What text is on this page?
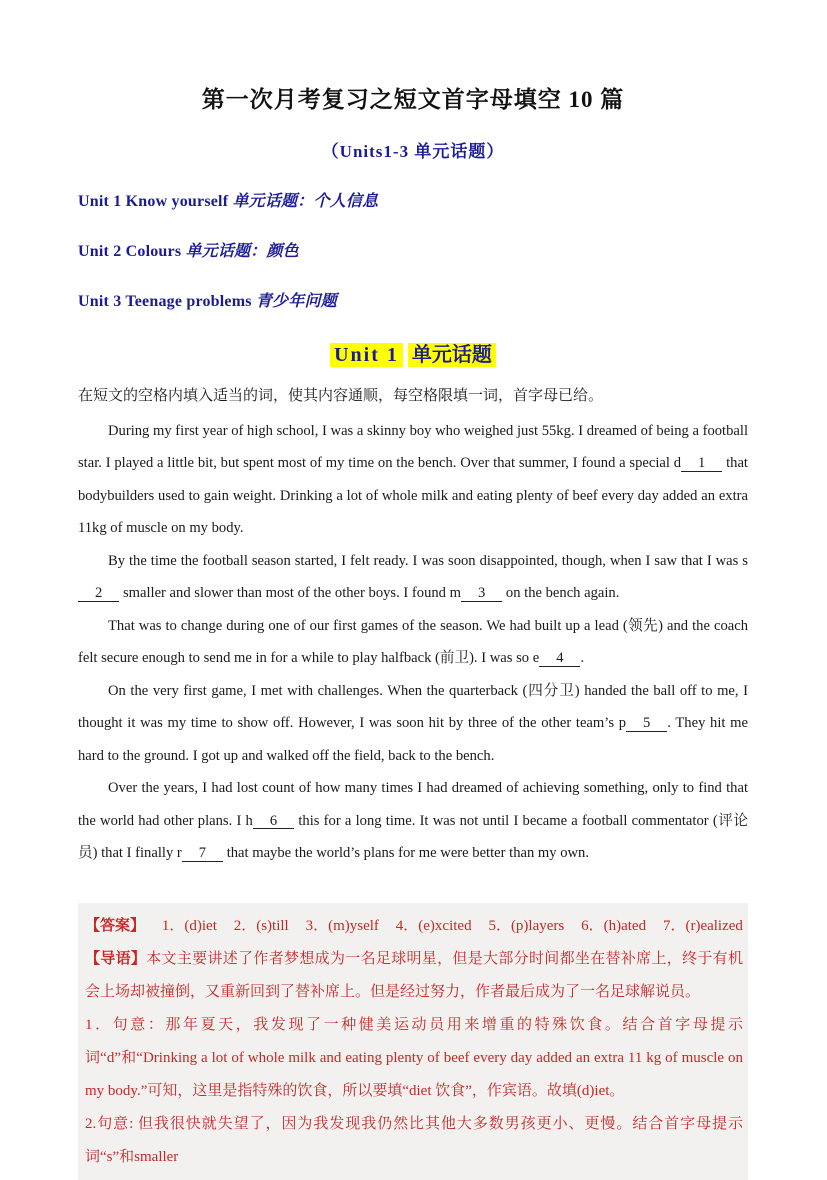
第一次月考复习之短文首字母填空 10 篇
（Units1-3 单元话题）
Unit 1 Know yourself 单元话题：个人信息
Unit 2 Colours 单元话题：颜色
Unit 3 Teenage problems 青少年问题
Unit 1 单元话题
在短文的空格内填入适当的词，使其内容通顺，每空格限填一词，首字母已给。

During my first year of high school, I was a skinny boy who weighed just 55kg. I dreamed of being a football star. I played a little bit, but spent most of my time on the bench. Over that summer, I found a special d 1 that bodybuilders used to gain weight. Drinking a lot of whole milk and eating plenty of beef every day added an extra 11kg of muscle on my body.

By the time the football season started, I felt ready. I was soon disappointed, though, when I saw that I was s2 smaller and slower than most of the other boys. I found m 3 on the bench again.

That was to change during one of our first games of the season. We had built up a lead (领先) and the coach felt secure enough to send me in for a while to play halfback (前卫). I was so e 4 .

On the very first game, I met with challenges. When the quarterback (四分卫) handed the ball off to me, I thought it was my time to show off. However, I was soon hit by three of the other team’s p 5 . They hit me hard to the ground. I got up and walked off the field, back to the bench.

Over the years, I had lost count of how many times I had dreamed of achieving something, only to find that the world had other plans. I h 6 this for a long time. It was not until I became a football commentator (评论员) that I finally r 7 that maybe the world’s plans for me were better than my own.

【答案】 1．(d)iet 2．(s)till 3．(m)yself 4．(e)xcited 5．(p)layers 6．(h)ated 7．(r)ealized
【导语】本文主要讲述了作者梦想成为一名足球明星，但是大部分时间都坐在替补席上，终于有机会上场却被撞倒，又重新回到了替补席上。但是经过努力，作者最后成为了一名足球解说员。
1．句意：那年夏天，我发现了一种健美运动员用来增重的特殊饮食。结合首字母提示词“d”和“Drinking a lot of whole milk and eating plenty of beef every day added an extra 11 kg of muscle on my body.”可知，这里是指特殊的饮食，所以要填“diet 饮食”，作宾语。故填(d)iet。
2.句意: 但我很快就失望了，因为我发现我仍然比其他大多数男孩更小、更慢。结合首字母提示词“s”和smaller
